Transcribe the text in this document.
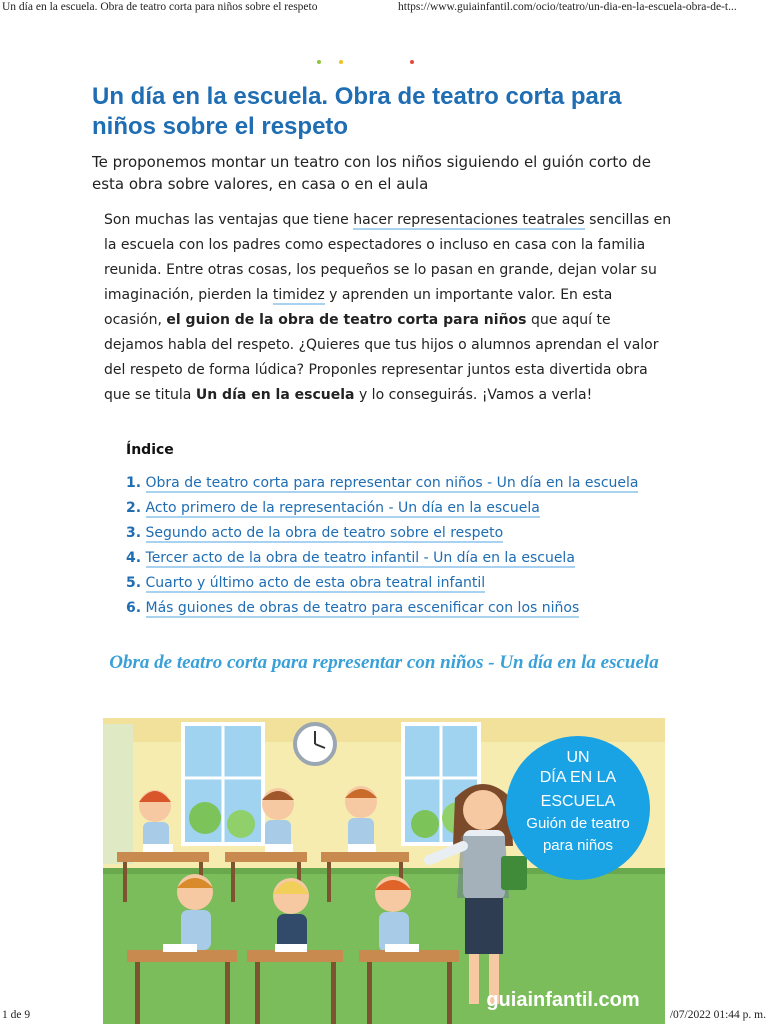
Un día en la escuela. Obra de teatro corta para niños sobre el respeto	https://www.guiainfantil.com/ocio/teatro/un-dia-en-la-escuela-obra-de-t...
Un día en la escuela. Obra de teatro corta para niños sobre el respeto

Te proponemos montar un teatro con los niños siguiendo el guión corto de esta obra sobre valores, en casa o en el aula

Son muchas las ventajas que tiene hacer representaciones teatrales sencillas en la escuela con los padres como espectadores o incluso en casa con la familia reunida. Entre otras cosas, los pequeños se lo pasan en grande, dejan volar su imaginación, pierden la timidez y aprenden un importante valor. En esta ocasión, el guion de la obra de teatro corta para niños que aquí te dejamos habla del respeto. ¿Quieres que tus hijos o alumnos aprendan el valor del respeto de forma lúdica? Proponles representar juntos esta divertida obra que se titula Un día en la escuela y lo conseguirás. ¡Vamos a verla!

Índice
1. Obra de teatro corta para representar con niños - Un día en la escuela
2. Acto primero de la representación - Un día en la escuela
3. Segundo acto de la obra de teatro sobre el respeto
4. Tercer acto de la obra de teatro infantil - Un día en la escuela
5. Cuarto y último acto de esta obra teatral infantil
6. Más guiones de obras de teatro para escenificar con los niños
Obra de teatro corta para representar con niños - Un día en la escuela
UN
DÍA EN LA
ESCUELA
Guión de teatro
para niños
guiainfantil.com
1 de 9	/07/2022 01:44 p. m.
